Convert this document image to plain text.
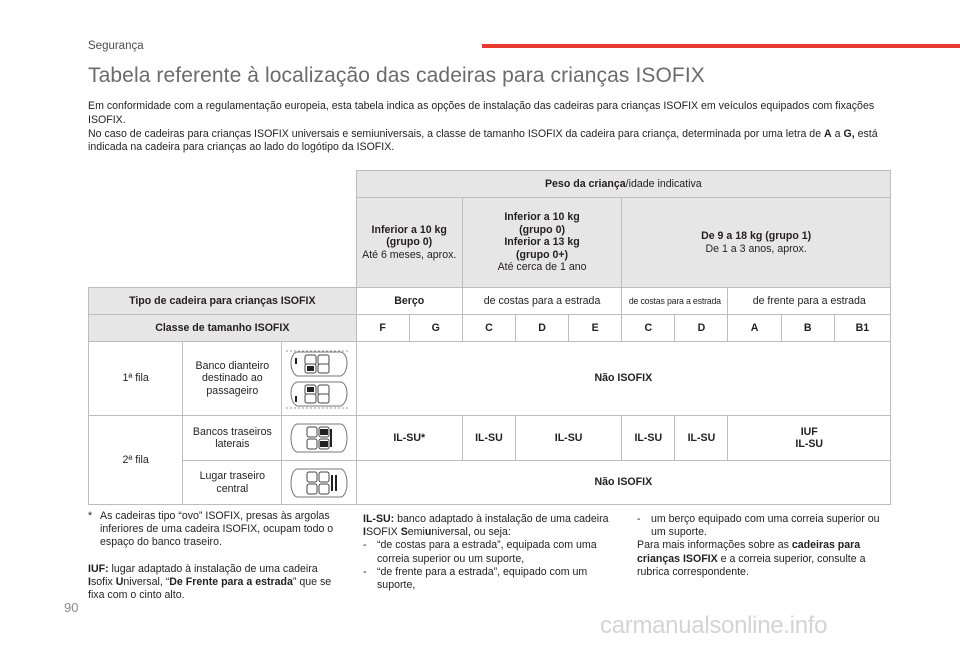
Segurança
Tabela referente à localização das cadeiras para crianças ISOFIX

Em conformidade com a regulamentação europeia, esta tabela indica as opções de instalação das cadeiras para crianças ISOFIX em veículos equipados com fixações ISOFIX.

No caso de cadeiras para crianças ISOFIX universais e semiuniversais, a classe de tamanho ISOFIX da cadeira para criança, determinada por uma letra de A a G, está indicada na cadeira para crianças ao lado do logótipo da ISOFIX.

			Peso da criança/idade indicativa									

			Inferior a 10 kg (grupo 0)
Até 6 meses, aprox.		Inferior a 10 kg (grupo 0)
Inferior a 13 kg (grupo 0+)
Até cerca de 1 ano			De 9 a 18 kg (grupo 1)
De 1 a 3 anos, aprox.				
Tipo de cadeira para crianças ISOFIX			Berço		de costas para a estrada			de costas para a estrada		de frente para a estrada		
Classe de tamanho ISOFIX			F	G	C	D	E	C	D	A	B	B1
1ª fila	Banco dianteiro destinado ao passageiro		Não ISOFIX									
2ª fila	Bancos traseiros laterais		IL-SU*		IL-SU	IL-SU		IL-SU	IL-SU	IUF
IL-SU		
	Lugar traseiro central		Não ISOFIX									
* As cadeiras tipo “ovo” ISOFIX, presas às argolas inferiores de uma cadeira ISOFIX, ocupam todo o espaço do banco traseiro.
IUF: lugar adaptado à instalação de uma cadeira Isofix Universal, “De Frente para a estrada” que se fixa com o cinto alto.

IL-SU: banco adaptado à instalação de uma cadeira ISOFIX Semiuniversal, ou seja:

- “de costas para a estrada”, equipada com uma correia superior ou um suporte,

- “de frente para a estrada”, equipado com um suporte,

- um berço equipado com uma correia superior ou um suporte.

Para mais informações sobre as cadeiras para crianças ISOFIX e a correia superior, consulte a rubrica correspondente.

90
carmanualsonline.info
